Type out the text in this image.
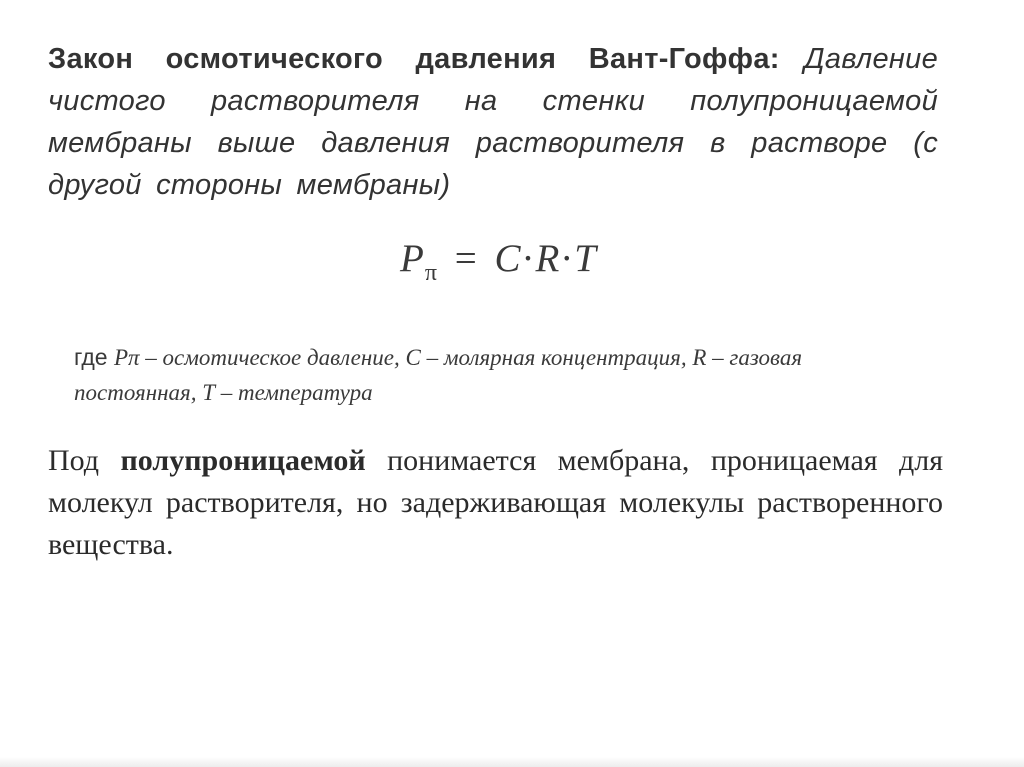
Закон осмотического давления Вант-Гоффа: Давление чистого растворителя на стенки полупроницаемой мембраны выше давления растворителя в растворе (с другой стороны мембраны)

$P_\pi = C\cdot R\cdot T$

где Pπ – осмотическое давление, С – молярная концентрация, R – газовая постоянная, Т – температура

Под полупроницаемой понимается мембрана, проницаемая для молекул растворителя, но задерживающая молекулы растворенного вещества.
